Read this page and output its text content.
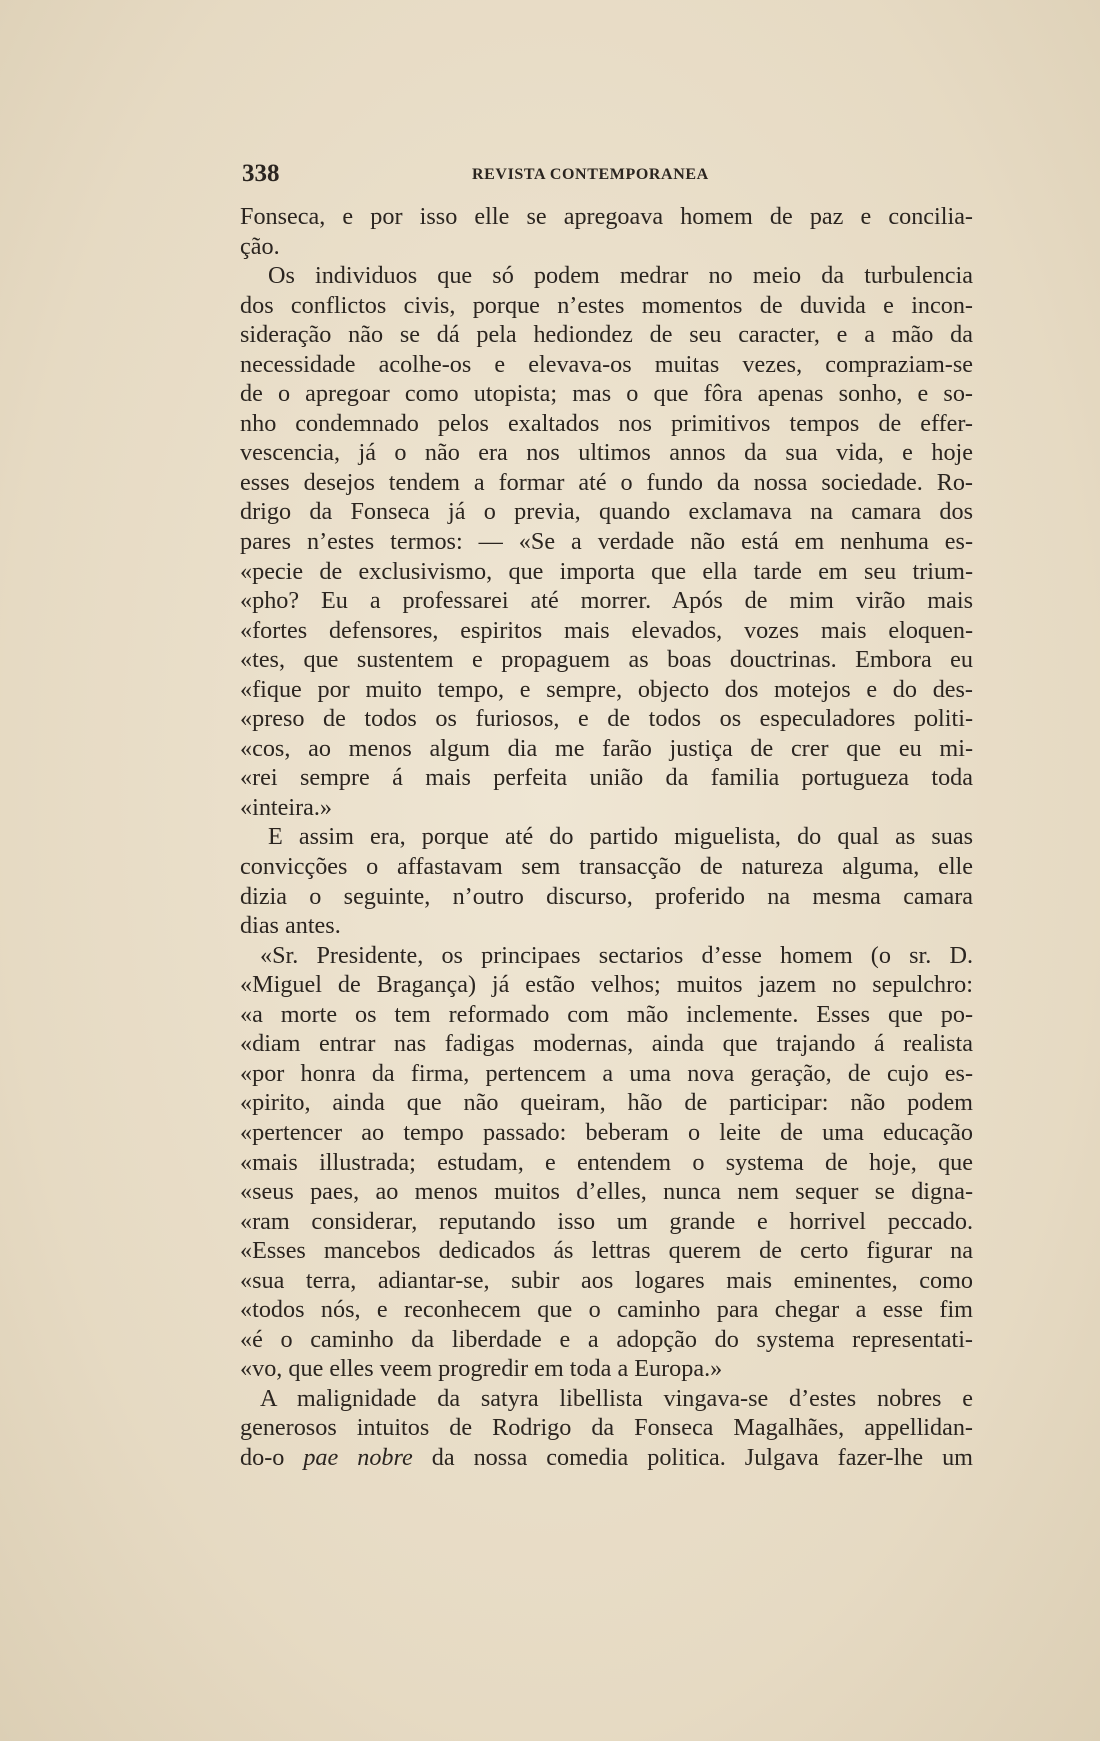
338	REVISTA CONTEMPORANEA
Fonseca, e por isso elle se apregoava homem de paz e concilia-
ção.
Os individuos que só podem medrar no meio da turbulencia
dos conflictos civis, porque n’estes momentos de duvida e incon-
sideração não se dá pela hediondez de seu caracter, e a mão da
necessidade acolhe-os e elevava-os muitas vezes, compraziam-se
de o apregoar como utopista; mas o que fôra apenas sonho, e so-
nho condemnado pelos exaltados nos primitivos tempos de effer-
vescencia, já o não era nos ultimos annos da sua vida, e hoje
esses desejos tendem a formar até o fundo da nossa sociedade. Ro-
drigo da Fonseca já o previa, quando exclamava na camara dos
pares n’estes termos: — «Se a verdade não está em nenhuma es-
«pecie de exclusivismo, que importa que ella tarde em seu trium-
«pho? Eu a professarei até morrer. Após de mim virão mais
«fortes defensores, espiritos mais elevados, vozes mais eloquen-
«tes, que sustentem e propaguem as boas douctrinas. Embora eu
«fique por muito tempo, e sempre, objecto dos motejos e do des-
«preso de todos os furiosos, e de todos os especuladores politi-
«cos, ao menos algum dia me farão justiça de crer que eu mi-
«rei sempre á mais perfeita união da familia portugueza toda
«inteira.»
E assim era, porque até do partido miguelista, do qual as suas
convicções o affastavam sem transacção de natureza alguma, elle
dizia o seguinte, n’outro discurso, proferido na mesma camara
dias antes.
«Sr. Presidente, os principaes sectarios d’esse homem (o sr. D.
«Miguel de Bragança) já estão velhos; muitos jazem no sepulchro:
«a morte os tem reformado com mão inclemente. Esses que po-
«diam entrar nas fadigas modernas, ainda que trajando á realista
«por honra da firma, pertencem a uma nova geração, de cujo es-
«pirito, ainda que não queiram, hão de participar: não podem
«pertencer ao tempo passado: beberam o leite de uma educação
«mais illustrada; estudam, e entendem o systema de hoje, que
«seus paes, ao menos muitos d’elles, nunca nem sequer se digna-
«ram considerar, reputando isso um grande e horrivel peccado.
«Esses mancebos dedicados ás lettras querem de certo figurar na
«sua terra, adiantar-se, subir aos logares mais eminentes, como
«todos nós, e reconhecem que o caminho para chegar a esse fim
«é o caminho da liberdade e a adopção do systema representati-
«vo, que elles veem progredir em toda a Europa.»
A malignidade da satyra libellista vingava-se d’estes nobres e
generosos intuitos de Rodrigo da Fonseca Magalhães, appellidan-
do-o pae nobre da nossa comedia politica. Julgava fazer-lhe um
